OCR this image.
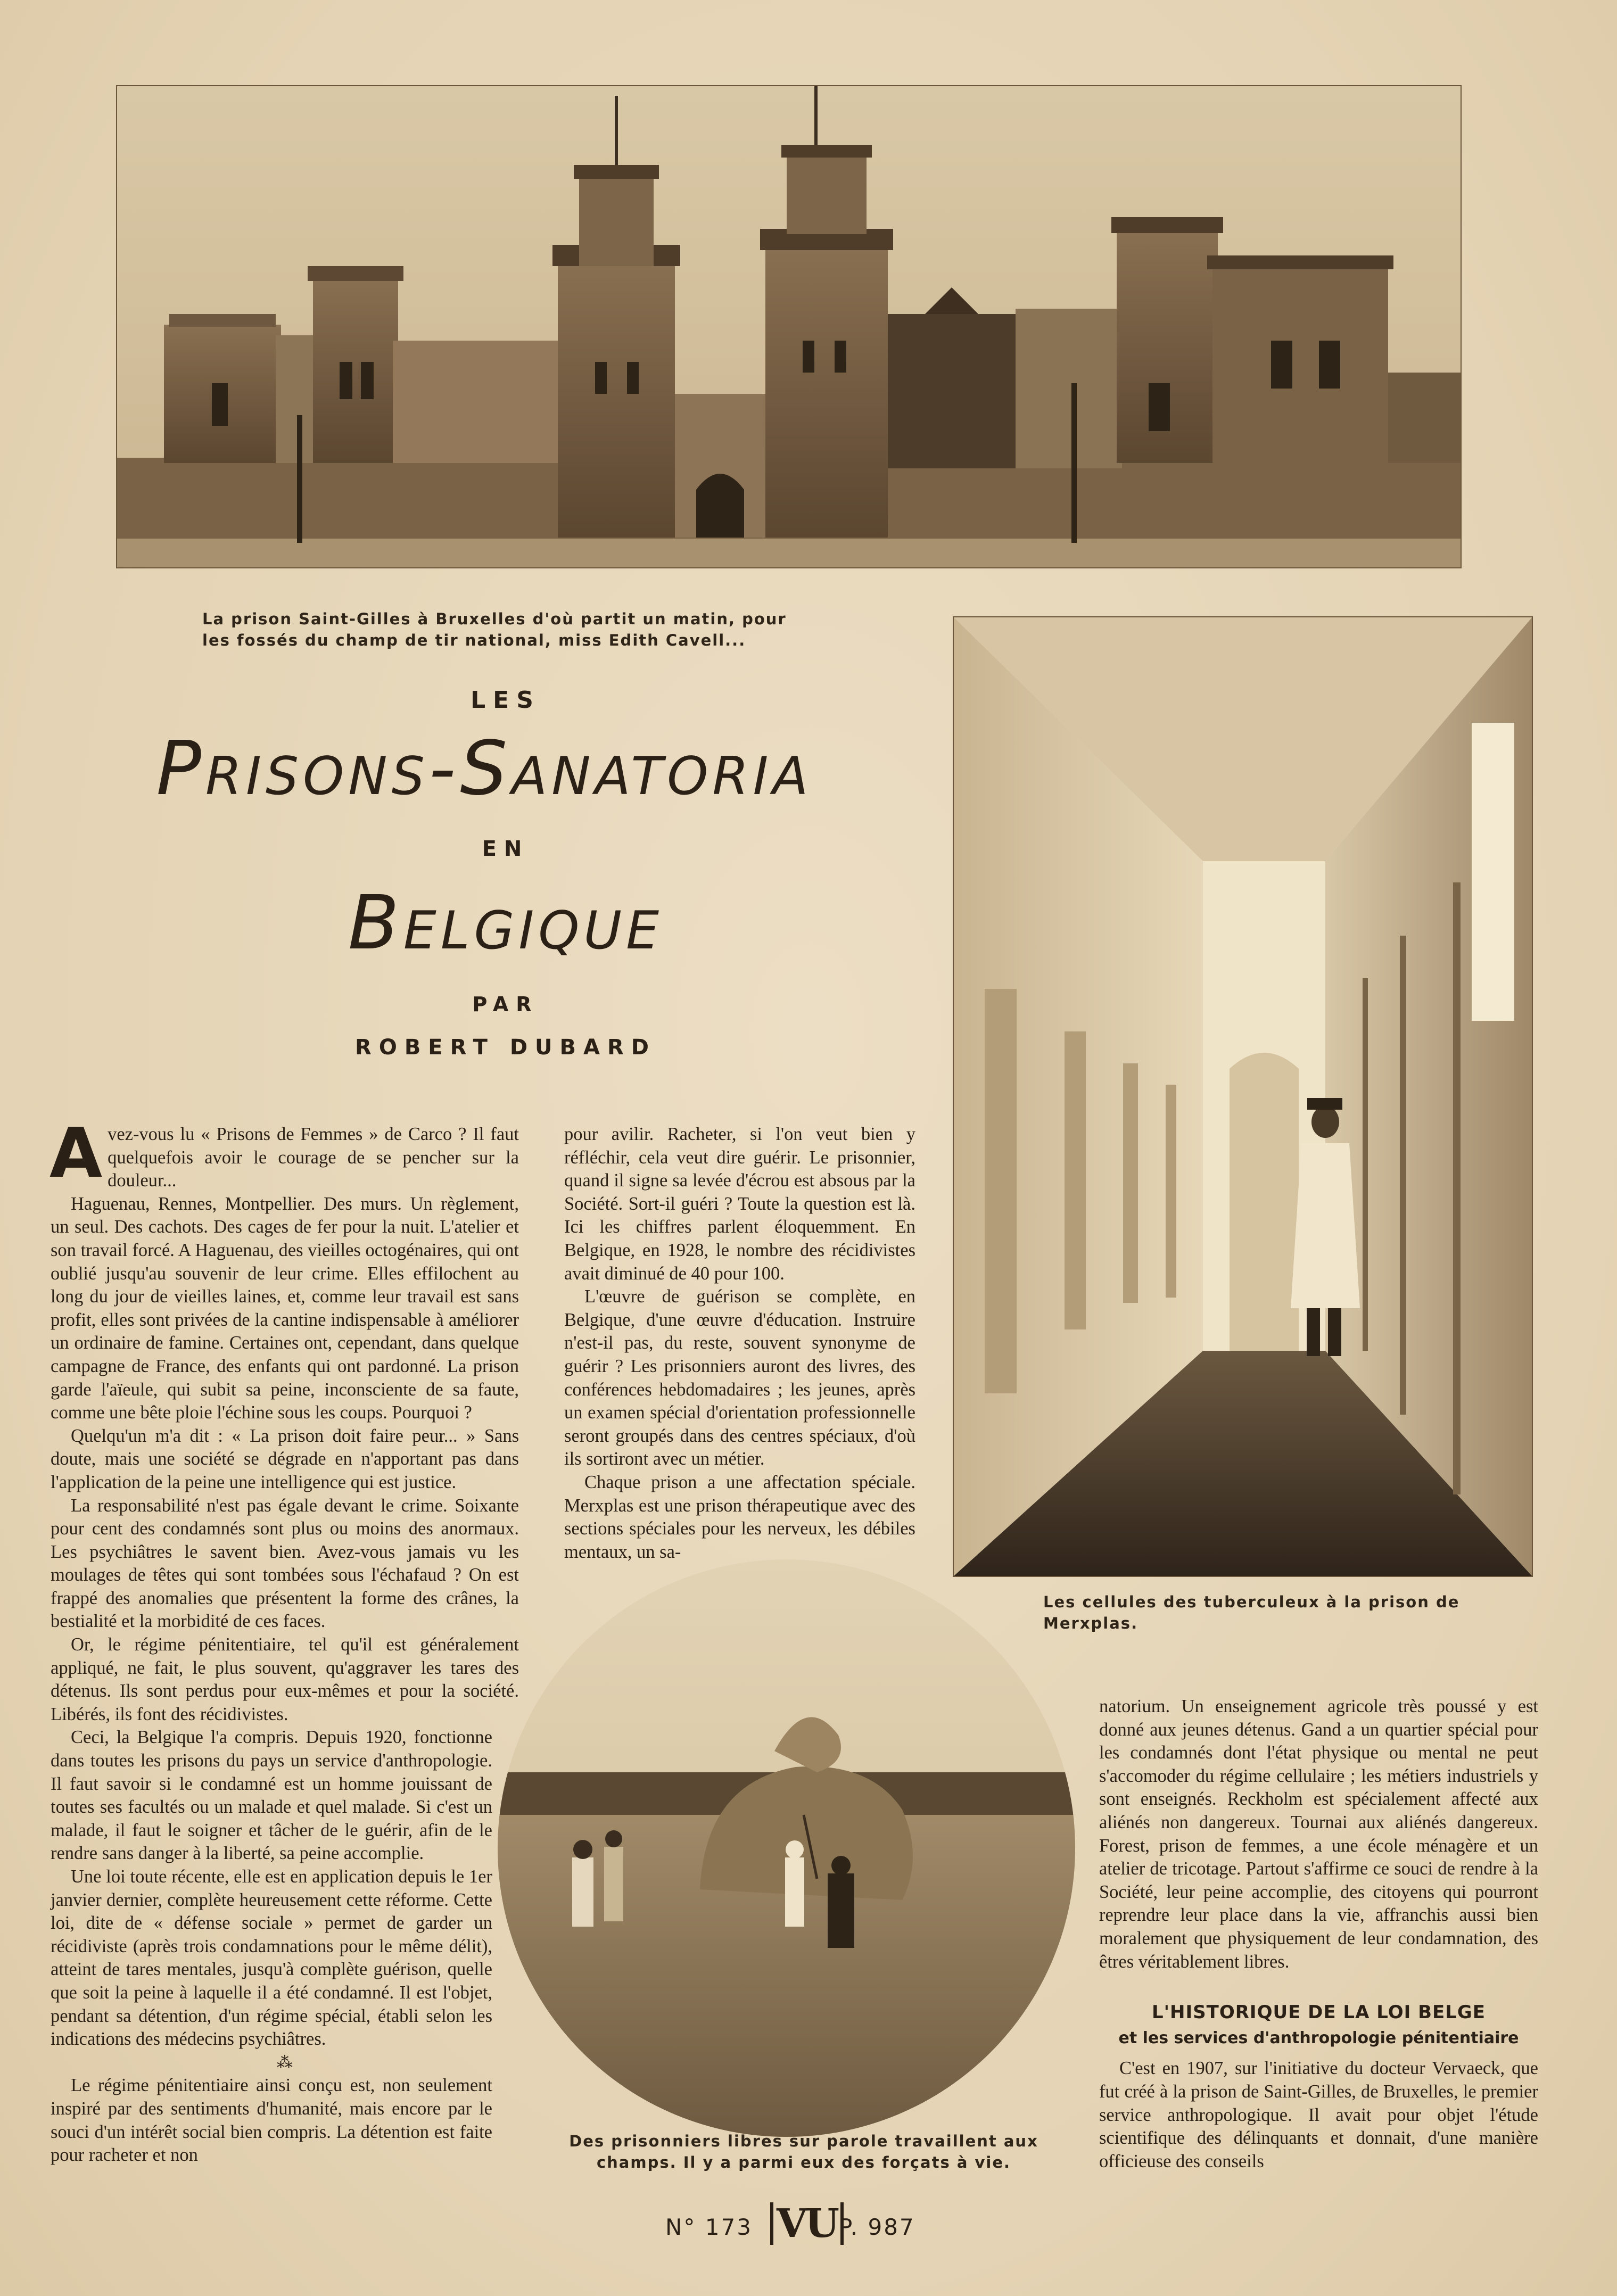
La prison Saint-Gilles à Bruxelles d'où partit un matin, pour
les fossés du champ de tir national, miss Edith Cavell...
LES
Prisons-Sanatoria
EN
Belgique
PAR
ROBERT DUBARD
Les cellules des tuberculeux à la prison de Merxplas.
Des prisonniers libres sur parole travaillent aux
champs. Il y a parmi eux des forçats à vie.

Avez-vous lu « Prisons de Femmes » de Carco ? Il faut quelquefois avoir le courage de se pencher sur la douleur...

Haguenau, Rennes, Montpellier. Des murs. Un règlement, un seul. Des cachots. Des cages de fer pour la nuit. L'atelier et son travail forcé. A Haguenau, des vieilles octogénaires, qui ont oublié jusqu'au souvenir de leur crime. Elles effilochent au long du jour de vieilles laines, et, comme leur travail est sans profit, elles sont privées de la cantine indispensable à améliorer un ordinaire de famine. Certaines ont, cependant, dans quelque campagne de France, des enfants qui ont pardonné. La prison garde l'aïeule, qui subit sa peine, inconsciente de sa faute, comme une bête ploie l'échine sous les coups. Pourquoi ?

Quelqu'un m'a dit : « La prison doit faire peur... » Sans doute, mais une société se dégrade en n'apportant pas dans l'application de la peine une intelligence qui est justice.

La responsabilité n'est pas égale devant le crime. Soixante pour cent des condamnés sont plus ou moins des anormaux. Les psychiâtres le savent bien. Avez-vous jamais vu les moulages de têtes qui sont tombées sous l'échafaud ? On est frappé des anomalies que présentent la forme des crânes, la bestialité et la morbidité de ces faces.

Or, le régime pénitentiaire, tel qu'il est généralement appliqué, ne fait, le plus souvent, qu'aggraver les tares des détenus. Ils sont perdus pour eux-mêmes et pour la société. Libérés, ils font des récidivistes.

Ceci, la Belgique l'a compris. Depuis 1920, fonctionne dans toutes les prisons du pays un service d'anthropologie. Il faut savoir si le condamné est un homme jouissant de toutes ses facultés ou un malade et quel malade. Si c'est un malade, il faut le soigner et tâcher de le guérir, afin de le rendre sans danger à la liberté, sa peine accomplie.

Une loi toute récente, elle est en application depuis le 1er janvier dernier, complète heureusement cette réforme. Cette loi, dite de « défense sociale » permet de garder un récidiviste (après trois condamnations pour le même délit), atteint de tares mentales, jusqu'à complète guérison, quelle que soit la peine à laquelle il a été condamné. Il est l'objet, pendant sa détention, d'un régime spécial, établi selon les indications des médecins psychiâtres.

⁂

Le régime pénitentiaire ainsi conçu est, non seulement inspiré par des sentiments d'humanité, mais encore par le souci d'un intérêt social bien compris. La détention est faite pour racheter et non

pour avilir. Racheter, si l'on veut bien y réfléchir, cela veut dire guérir. Le prisonnier, quand il signe sa levée d'écrou est absous par la Société. Sort-il guéri ? Toute la question est là. Ici les chiffres parlent éloquemment. En Belgique, en 1928, le nombre des récidivistes avait diminué de 40 pour 100.

L'œuvre de guérison se complète, en Belgique, d'une œuvre d'éducation. Instruire n'est-il pas, du reste, souvent synonyme de guérir ? Les prisonniers auront des livres, des conférences hebdomadaires ; les jeunes, après un examen spécial d'orientation professionnelle seront groupés dans des centres spéciaux, d'où ils sortiront avec un métier.

Chaque prison a une affectation spéciale. Merxplas est une prison thérapeutique avec des sections spéciales pour les nerveux, les débiles mentaux, un sa-

natorium. Un enseignement agricole très poussé y est donné aux jeunes détenus. Gand a un quartier spécial pour les condamnés dont l'état physique ou mental ne peut s'accomoder du régime cellulaire ; les métiers industriels y sont enseignés. Reckholm est spécialement affecté aux aliénés non dangereux. Tournai aux aliénés dangereux. Forest, prison de femmes, a une école ménagère et un atelier de tricotage. Partout s'affirme ce souci de rendre à la Société, leur peine accomplie, des citoyens qui pourront reprendre leur place dans la vie, affranchis aussi bien moralement que physiquement de leur condamnation, des êtres véritablement libres.

L'HISTORIQUE DE LA LOI BELGE

et les services d'anthropologie pénitentiaire

C'est en 1907, sur l'initiative du docteur Vervaeck, que fut créé à la prison de Saint-Gilles, de Bruxelles, le premier service anthropologique. Il avait pour objet l'étude scientifique des délinquants et donnait, d'une manière officieuse des conseils

N° 173 VU P. 987
